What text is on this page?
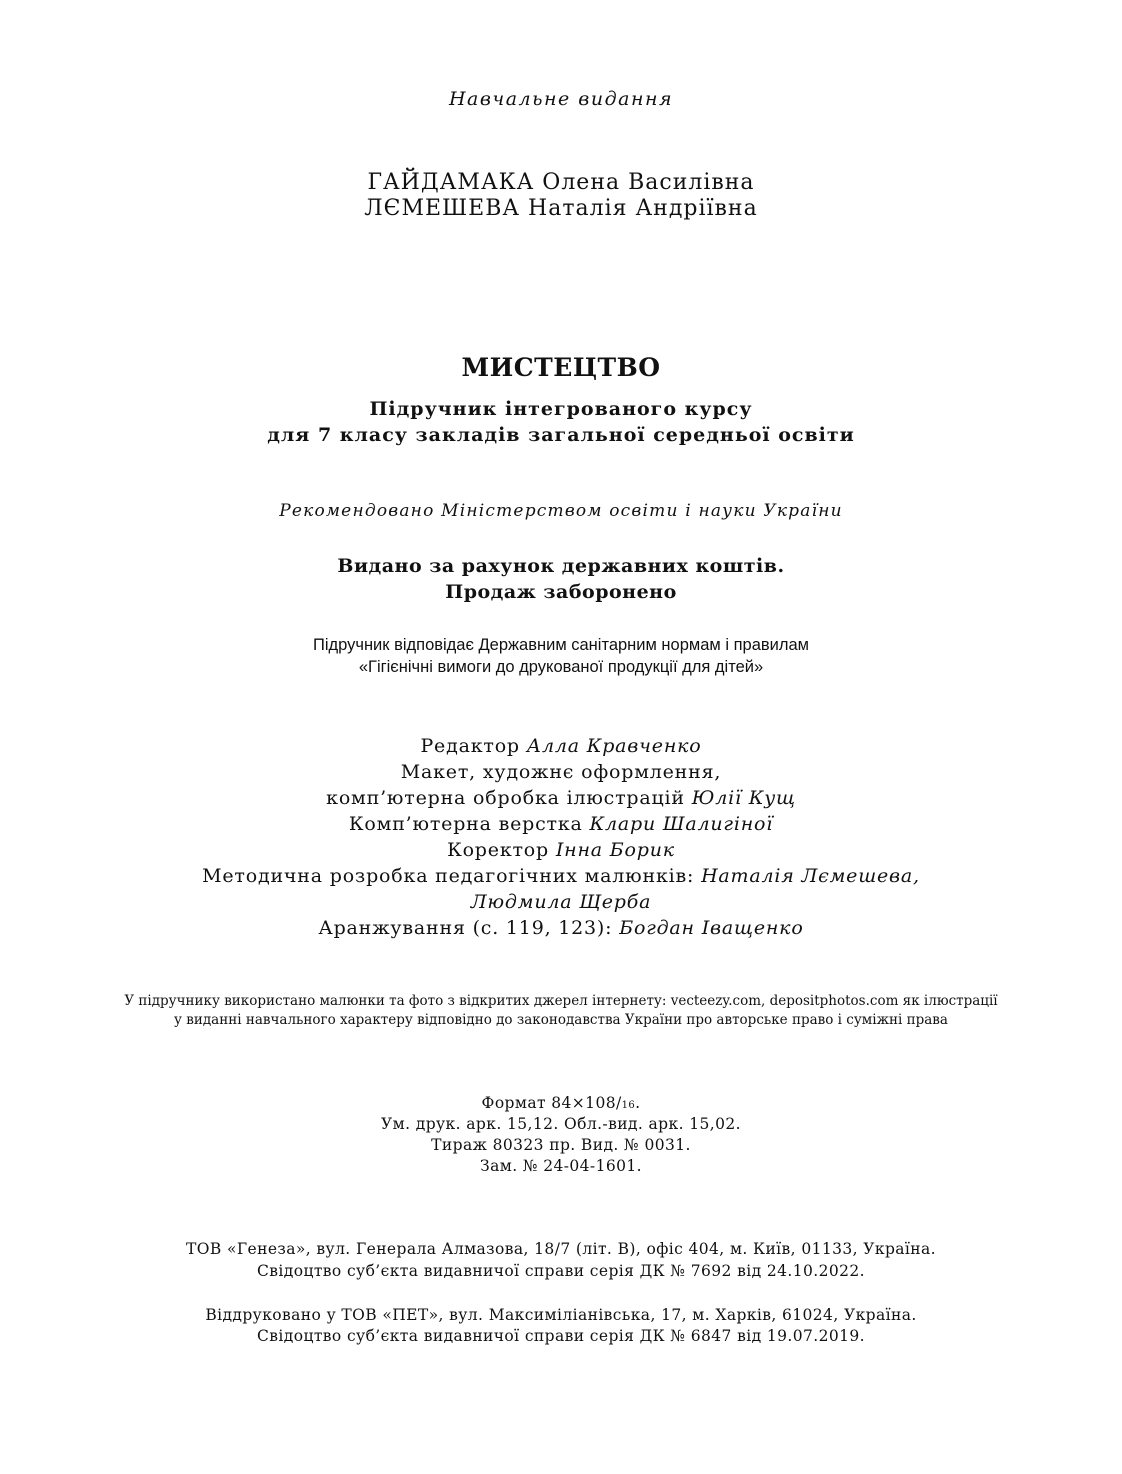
Навчальне видання
ГАЙДАМАКА Олена Василівна
ЛЄМЕШЕВА Наталія Андріївна
МИСТЕЦТВО
Підручник інтегрованого курсу
для 7 класу закладів загальної середньої освіти
Рекомендовано Міністерством освіти і науки України
Видано за рахунок державних коштів.
Продаж заборонено
Підручник відповідає Державним санітарним нормам і правилам
«Гігієнічні вимоги до друкованої продукції для дітей»
Редактор Алла Кравченко
Макет, художнє оформлення,
комп’ютерна обробка ілюстрацій Юлії Кущ
Комп’ютерна верстка Клари Шалигіної
Коректор Інна Борик
Методична розробка педагогічних малюнків: Наталія Лємешева,
Людмила Щерба
Аранжування (с. 119, 123): Богдан Іващенко
У підручнику використано малюнки та фото з відкритих джерел інтернету: vecteezy.com, depositphotos.com як ілюстрації
у виданні навчального характеру відповідно до законодавства України про авторське право і суміжні права
Формат 84×108/16.
Ум. друк. арк. 15,12. Обл.-вид. арк. 15,02.
Тираж 80323 пр. Вид. № 0031.
Зам. № 24-04-1601.
ТОВ «Генеза», вул. Генерала Алмазова, 18/7 (літ. В), офіс 404, м. Київ, 01133, Україна.
Свідоцтво суб’єкта видавничої справи серія ДК № 7692 від 24.10.2022.
Віддруковано у ТОВ «ПЕТ», вул. Максиміліанівська, 17, м. Харків, 61024, Україна.
Свідоцтво суб’єкта видавничої справи серія ДК № 6847 від 19.07.2019.
